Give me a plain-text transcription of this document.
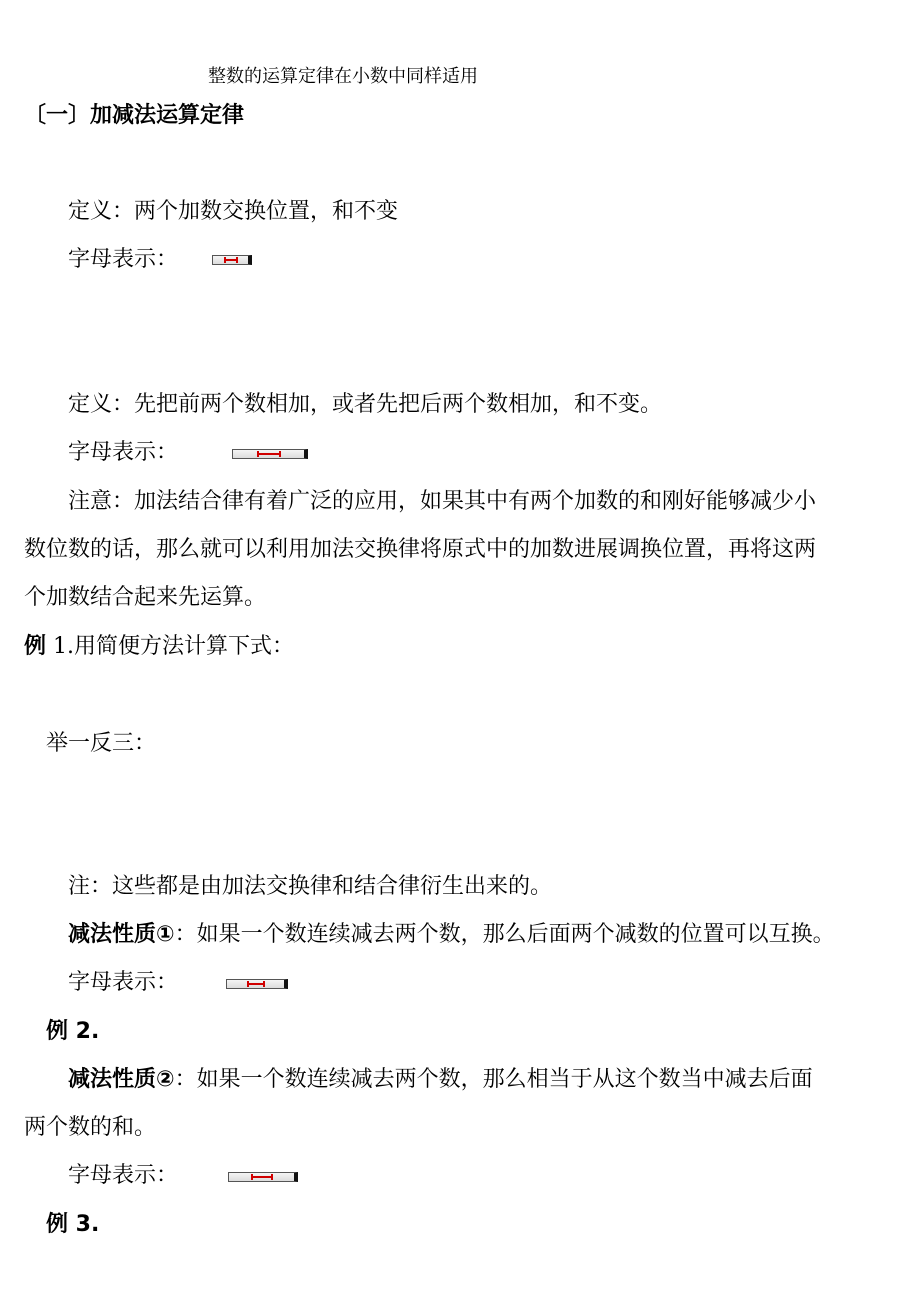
整数的运算定律在小数中同样适用
〔一〕加减法运算定律
定义：两个加数交换位置，和不变
字母表示：
定义：先把前两个数相加，或者先把后两个数相加，和不变。
字母表示：
注意：加法结合律有着广泛的应用，如果其中有两个加数的和刚好能够减少小
数位数的话，那么就可以利用加法交换律将原式中的加数进展调换位置，再将这两
个加数结合起来先运算。
例 1.用简便方法计算下式：
举一反三：
注：这些都是由加法交换律和结合律衍生出来的。
减法性质①：如果一个数连续减去两个数，那么后面两个减数的位置可以互换。
字母表示：
例 2.
减法性质②：如果一个数连续减去两个数，那么相当于从这个数当中减去后面
两个数的和。
字母表示：
例 3.
